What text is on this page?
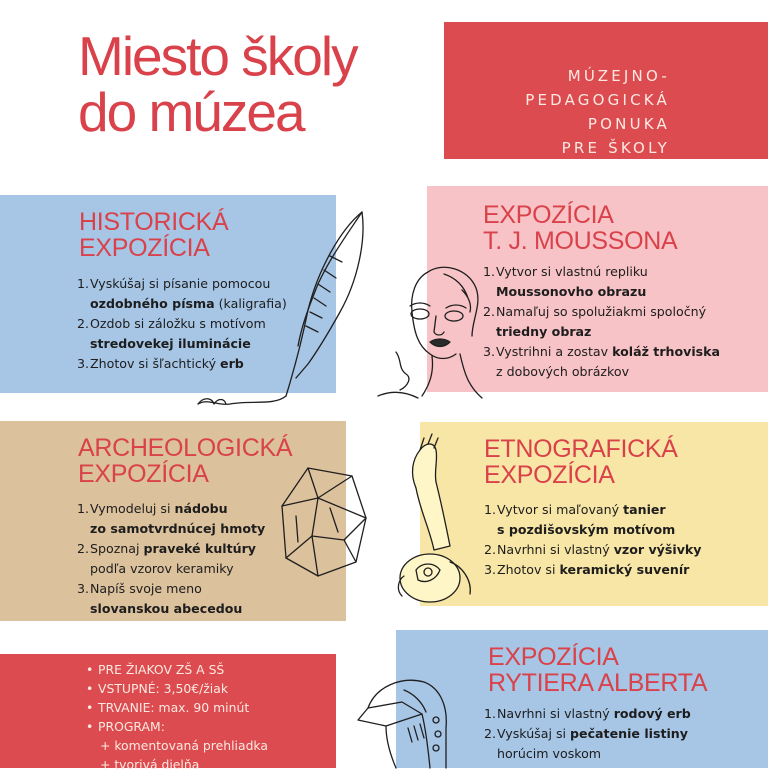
Miesto školy
do múzea
MÚZEJNO-
PEDAGOGICKÁ
PONUKA
PRE ŠKOLY
HISTORICKÁ
EXPOZÍCIA
1. Vyskúšaj si písanie pomocou
ozdobného písma (kaligrafia)
2. Ozdob si záložku s motívom
stredovekej iluminácie
3. Zhotov si šľachtický erb
EXPOZÍCIA
T. J. MOUSSONA
1. Vytvor si vlastnú repliku
Moussonovho obrazu
2. Namaľuj so spolužiakmi spoločný
triedny obraz
3. Vystrihni a zostav koláž trhoviska
z dobových obrázkov
ARCHEOLOGICKÁ
EXPOZÍCIA
1. Vymodeluj si nádobu
zo samotvrdnúcej hmoty
2. Spoznaj praveké kultúry
podľa vzorov keramiky
3. Napíš svoje meno
slovanskou abecedou
ETNOGRAFICKÁ
EXPOZÍCIA
1. Vytvor si maľovaný tanier
s pozdišovským motívom
2. Navrhni si vlastný vzor výšivky
3. Zhotov si keramický suvenír
• PRE ŽIAKOV ZŠ A SŠ
• VSTUPNÉ: 3,50€/žiak
• TRVANIE: max. 90 minút
• PROGRAM:
+ komentovaná prehliadka
+ tvorivá dielňa
EXPOZÍCIA
RYTIERA ALBERTA
1. Navrhni si vlastný rodový erb
2. Vyskúšaj si pečatenie listiny
horúcim voskom
